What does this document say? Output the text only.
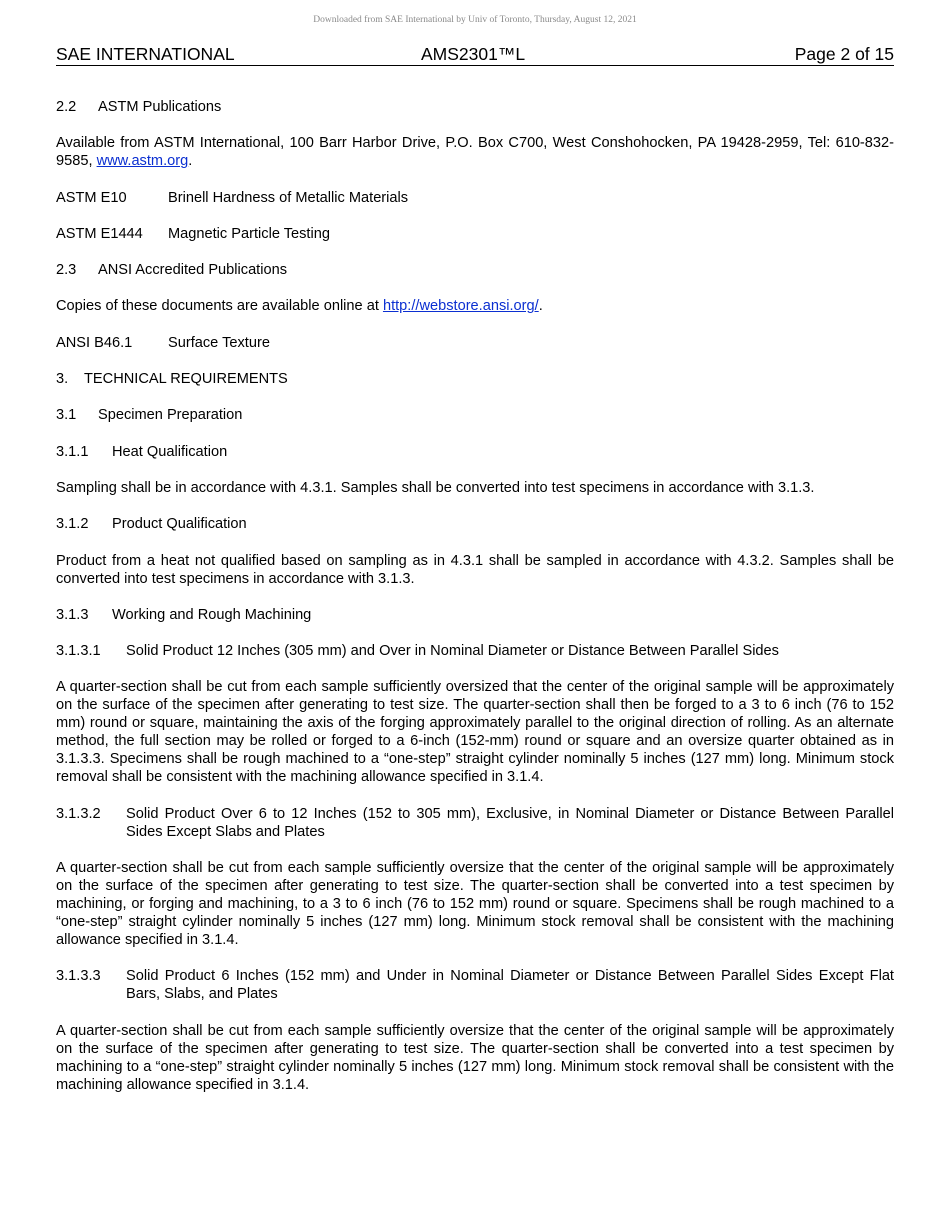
Downloaded from SAE International by Univ of Toronto, Thursday, August 12, 2021
SAE INTERNATIONAL	AMS2301™L	Page 2 of 15

2.2 ASTM Publications

Available from ASTM International, 100 Barr Harbor Drive, P.O. Box C700, West Conshohocken, PA 19428-2959, Tel: 610-832-9585, www.astm.org.

ASTM E10	Brinell Hardness of Metallic Materials

ASTM E1444 Magnetic Particle Testing

2.3 ANSI Accredited Publications

Copies of these documents are available online at http://webstore.ansi.org/.

ANSI B46.1 Surface Texture

3. TECHNICAL REQUIREMENTS

3.1 Specimen Preparation

3.1.1 Heat Qualification

Sampling shall be in accordance with 4.3.1. Samples shall be converted into test specimens in accordance with 3.1.3.

3.1.2 Product Qualification

Product from a heat not qualified based on sampling as in 4.3.1 shall be sampled in accordance with 4.3.2. Samples shall be converted into test specimens in accordance with 3.1.3.

3.1.3 Working and Rough Machining

3.1.3.1	Solid Product 12 Inches (305 mm) and Over in Nominal Diameter or Distance Between Parallel Sides

A quarter-section shall be cut from each sample sufficiently oversized that the center of the original sample will be approximately on the surface of the specimen after generating to test size. The quarter-section shall then be forged to a 3 to 6 inch (76 to 152 mm) round or square, maintaining the axis of the forging approximately parallel to the original direction of rolling. As an alternate method, the full section may be rolled or forged to a 6-inch (152-mm) round or square and an oversize quarter obtained as in 3.1.3.3. Specimens shall be rough machined to a “one-step” straight cylinder nominally 5 inches (127 mm) long. Minimum stock removal shall be consistent with the machining allowance specified in 3.1.4.

3.1.3.2	Solid Product Over 6 to 12 Inches (152 to 305 mm), Exclusive, in Nominal Diameter or Distance Between Parallel Sides Except Slabs and Plates

A quarter-section shall be cut from each sample sufficiently oversize that the center of the original sample will be approximately on the surface of the specimen after generating to test size. The quarter-section shall be converted into a test specimen by machining, or forging and machining, to a 3 to 6 inch (76 to 152 mm) round or square. Specimens shall be rough machined to a “one-step” straight cylinder nominally 5 inches (127 mm) long. Minimum stock removal shall be consistent with the machining allowance specified in 3.1.4.

3.1.3.3	Solid Product 6 Inches (152 mm) and Under in Nominal Diameter or Distance Between Parallel Sides Except Flat Bars, Slabs, and Plates

A quarter-section shall be cut from each sample sufficiently oversize that the center of the original sample will be approximately on the surface of the specimen after generating to test size. The quarter-section shall be converted into a test specimen by machining to a “one-step” straight cylinder nominally 5 inches (127 mm) long. Minimum stock removal shall be consistent with the machining allowance specified in 3.1.4.
